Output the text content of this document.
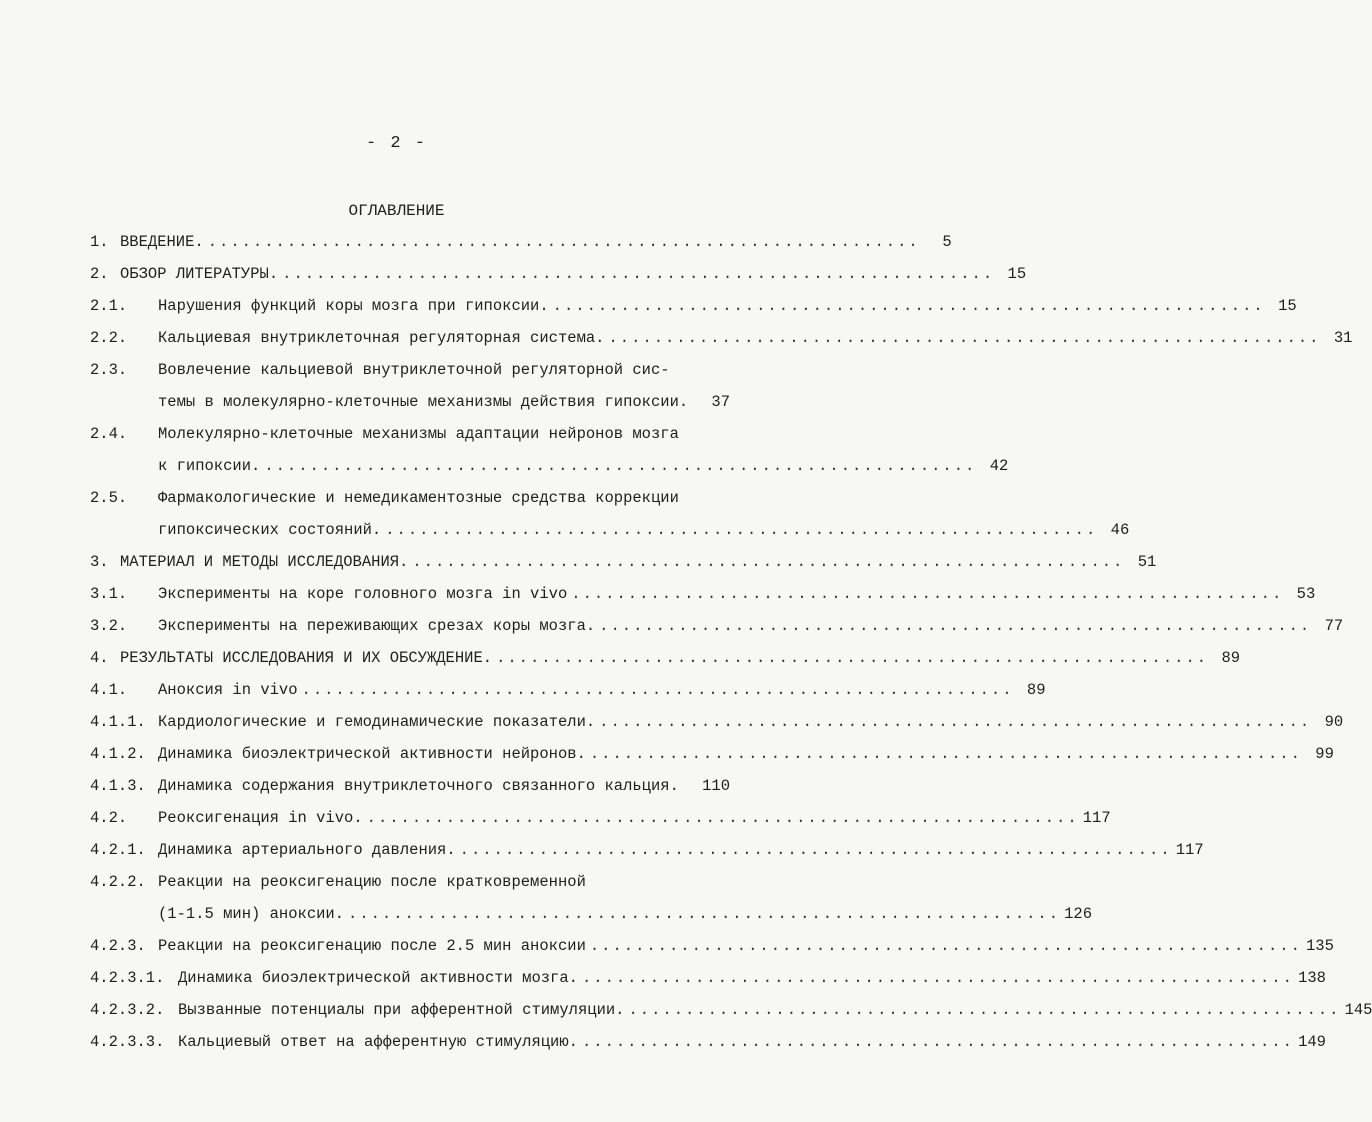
- 2 -
ОГЛАВЛЕНИЕ
1. ВВЕДЕНИЕ. ...............................................................	5
2. ОБЗОР ЛИТЕРАТУРЫ. ............................................................... 15
2.1.	Нарушения функций коры мозга при гипоксии. ............................................................... 15
2.2.	Кальциевая внутриклеточная регуляторная система. ............................................................... 31
2.3.	Вовлечение кальциевой внутриклеточной регуляторной сис-
темы в молекулярно-клеточные механизмы действия гипоксии.	37
2.4.	Молекулярно-клеточные механизмы адаптации нейронов мозга
к гипоксии. ............................................................... 42
2.5.	Фармакологические и немедикаментозные средства коррекции
гипоксических состояний. ............................................................... 46
3. МАТЕРИАЛ И МЕТОДЫ ИССЛЕДОВАНИЯ. ............................................................... 51
3.1.	Эксперименты на коре головного мозга in vivo ............................................................... 53
3.2.	Эксперименты на переживающих срезах коры мозга. ............................................................... 77
4. РЕЗУЛЬТАТЫ ИССЛЕДОВАНИЯ И ИХ ОБСУЖДЕНИЕ. ............................................................... 89
4.1.	Аноксия in vivo ............................................................... 89
4.1.1. Кардиологические и гемодинамические показатели. ............................................................... 90
4.1.2. Динамика биоэлектрической активности нейронов. ............................................................... 99
4.1.3. Динамика содержания внутриклеточного связанного кальция. 110
4.2.	Реоксигенация in vivo. ............................................................... 117
4.2.1. Динамика артериального давления. ............................................................... 117
4.2.2. Реакции на реоксигенацию после кратковременной
(1-1.5 мин) аноксии. ............................................................... 126
4.2.3. Реакции на реоксигенацию после 2.5 мин аноксии ............................................................... 135
4.2.3.1. Динамика биоэлектрической активности мозга. ............................................................... 138
4.2.3.2. Вызванные потенциалы при афферентной стимуляции. ............................................................... 145
4.2.3.3. Кальциевый ответ на афферентную стимуляцию. ............................................................... 149
